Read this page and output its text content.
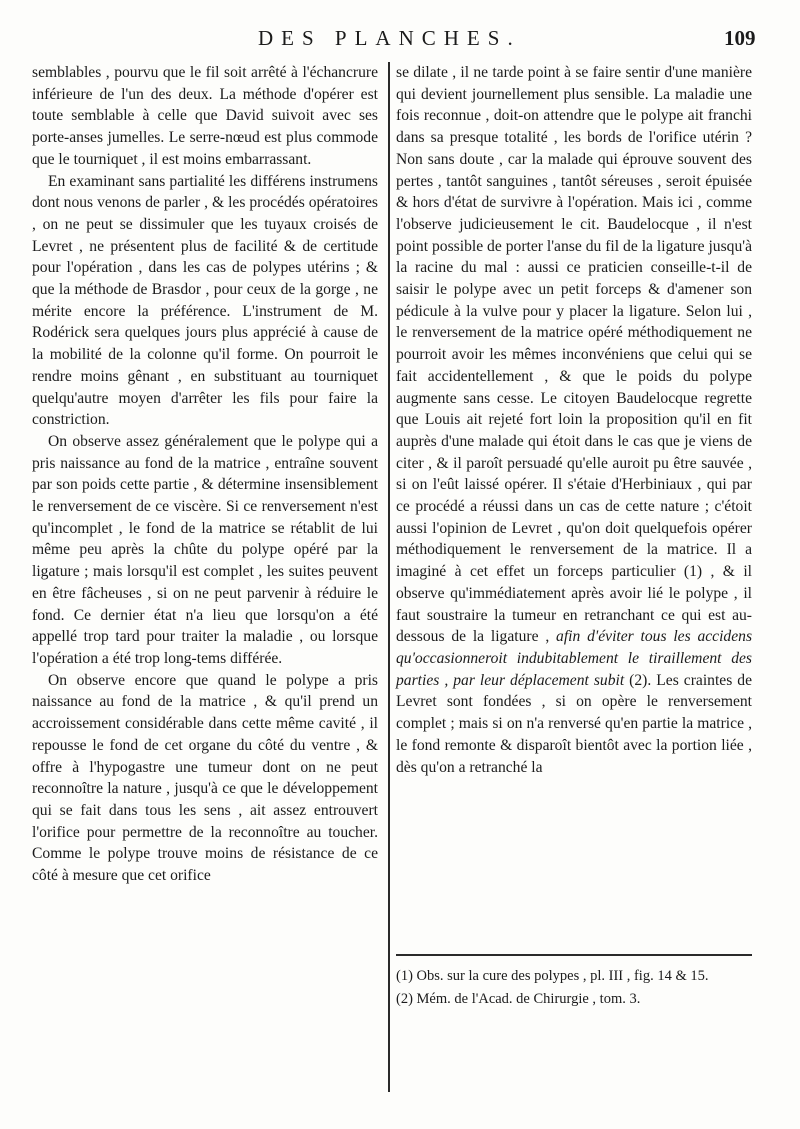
DES PLANCHES.	109

semblables , pourvu que le fil soit arrêté à l'échancrure inférieure de l'un des deux. La méthode d'opérer est toute semblable à celle que David suivoit avec ses porte-anses jumelles. Le serre-nœud est plus commode que le tourniquet , il est moins embarrassant.

En examinant sans partialité les différens instrumens dont nous venons de parler , & les procédés opératoires , on ne peut se dissimuler que les tuyaux croisés de Levret , ne présentent plus de facilité & de certitude pour l'opération , dans les cas de polypes utérins ; & que la méthode de Brasdor , pour ceux de la gorge , ne mérite encore la préférence. L'instrument de M. Rodérick sera quelques jours plus apprécié à cause de la mobilité de la colonne qu'il forme. On pourroit le rendre moins gênant , en substituant au tourniquet quelqu'autre moyen d'arrêter les fils pour faire la constriction.

On observe assez généralement que le polype qui a pris naissance au fond de la matrice , entraîne souvent par son poids cette partie , & détermine insensiblement le renversement de ce viscère. Si ce renversement n'est qu'incomplet , le fond de la matrice se rétablit de lui même peu après la chûte du polype opéré par la ligature ; mais lorsqu'il est complet , les suites peuvent en être fâcheuses , si on ne peut parvenir à réduire le fond. Ce dernier état n'a lieu que lorsqu'on a été appellé trop tard pour traiter la maladie , ou lorsque l'opération a été trop long-tems différée.

On observe encore que quand le polype a pris naissance au fond de la matrice , & qu'il prend un accroissement considérable dans cette même cavité , il repousse le fond de cet organe du côté du ventre , & offre à l'hypogastre une tumeur dont on ne peut reconnoître la nature , jusqu'à ce que le développement qui se fait dans tous les sens , ait assez entrouvert l'orifice pour permettre de la reconnoître au toucher. Comme le polype trouve moins de résistance de ce côté à mesure que cet orifice

se dilate , il ne tarde point à se faire sentir d'une manière qui devient journellement plus sensible. La maladie une fois reconnue , doit-on attendre que le polype ait franchi dans sa presque totalité , les bords de l'orifice utérin ? Non sans doute , car la malade qui éprouve souvent des pertes , tantôt sanguines , tantôt séreuses , seroit épuisée & hors d'état de survivre à l'opération. Mais ici , comme l'observe judicieusement le cit. Baudelocque , il n'est point possible de porter l'anse du fil de la ligature jusqu'à la racine du mal : aussi ce praticien conseille-t-il de saisir le polype avec un petit forceps & d'amener son pédicule à la vulve pour y placer la ligature. Selon lui , le renversement de la matrice opéré méthodiquement ne pourroit avoir les mêmes inconvéniens que celui qui se fait accidentellement , & que le poids du polype augmente sans cesse. Le citoyen Baudelocque regrette que Louis ait rejeté fort loin la proposition qu'il en fit auprès d'une malade qui étoit dans le cas que je viens de citer , & il paroît persuadé qu'elle auroit pu être sauvée , si on l'eût laissé opérer. Il s'étaie d'Herbiniaux , qui par ce procédé a réussi dans un cas de cette nature ; c'étoit aussi l'opinion de Levret , qu'on doit quelquefois opérer méthodiquement le renversement de la matrice. Il a imaginé à cet effet un forceps particulier (1) , & il observe qu'immédiatement après avoir lié le polype , il faut soustraire la tumeur en retranchant ce qui est au-dessous de la ligature , afin d'éviter tous les accidens qu'occasionneroit indubitablement le tiraillement des parties , par leur déplacement subit (2). Les craintes de Levret sont fondées , si on opère le renversement complet ; mais si on n'a renversé qu'en partie la matrice , le fond remonte & disparoît bientôt avec la portion liée , dès qu'on a retranché la

(1) Obs. sur la cure des polypes , pl. III , fig. 14 & 15.

(2) Mém. de l'Acad. de Chirurgie , tom. 3.
